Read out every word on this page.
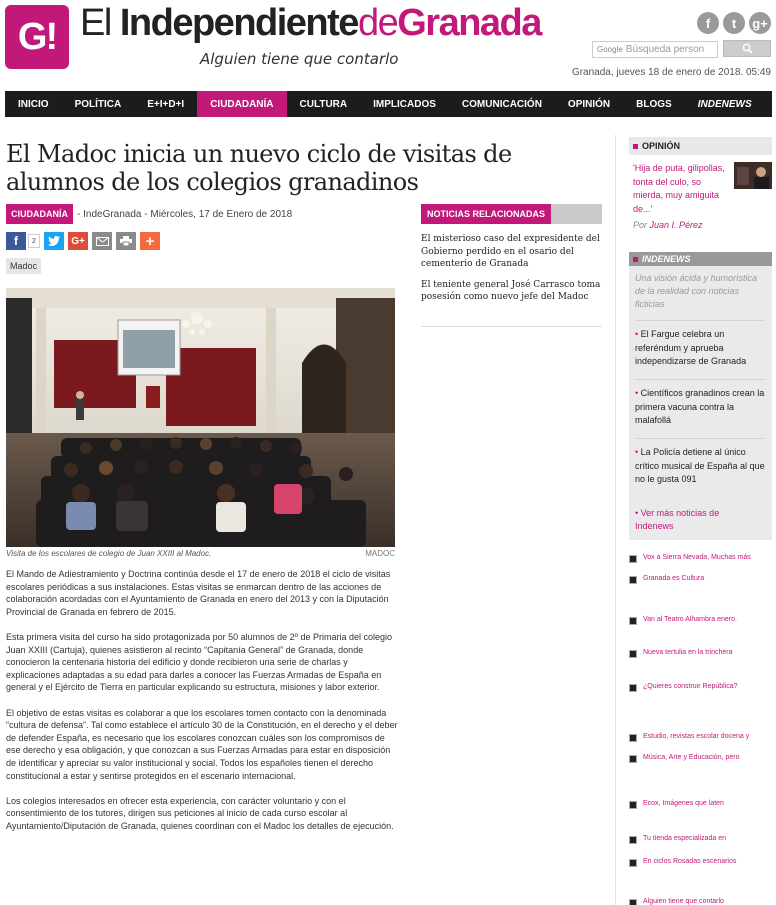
G! El IndependientedeGranada
Alguien tiene que contarlo
f	t	g+
Google Búsqueda person
Granada, jueves 18 de enero de 2018. 05:49
INICIO	POLÍTICA	E+I+D+I	CIUDADANÍA	CULTURA	IMPLICADOS	COMUNICACIÓN	OPINIÓN	BLOGS	INDENEWS
El Madoc inicia un nuevo ciclo de visitas de alumnos de los colegios granadinos
CIUDADANÍA - IndeGranada - Miércoles, 17 de Enero de 2018
f	2	G+	+
Madoc
Visita de los escolares de colegio de Juan XXIII al Madoc.	MADOC

El Mando de Adiestramiento y Doctrina continúa desde el 17 de enero de 2018 el ciclo de visitas escolares periódicas a sus instalaciones. Estas visitas se enmarcan dentro de las acciones de colaboración acordadas con el Ayuntamiento de Granada en enero del 2013 y con la Diputación Provincial de Granada en febrero de 2015.

Esta primera visita del curso ha sido protagonizada por 50 alumnos de 2º de Primaria del colegio Juan XXIII (Cartuja), quienes asistieron al recinto “Capitanía General” de Granada, donde conocieron la centenaria historia del edificio y donde recibieron una serie de charlas y explicaciones adaptadas a su edad para darles a conocer las Fuerzas Armadas de España en general y el Ejército de Tierra en particular explicando su estructura, misiones y labor exterior.

El objetivo de estas visitas es colaborar a que los escolares tomen contacto con la denominada “cultura de defensa”. Tal como establece el artículo 30 de la Constitución, en el derecho y el deber de defender España, es necesario que los escolares conozcan cuáles son los compromisos de ese derecho y esa obligación, y que conozcan a sus Fuerzas Armadas para estar en disposición de identificar y apreciar su valor institucional y social. Todos los españoles tienen el derecho constitucional a estar y sentirse protegidos en el escenario internacional.

Los colegios interesados en ofrecer esta experiencia, con carácter voluntario y con el consentimiento de los tutores, dirigen sus peticiones al inicio de cada curso escolar al Ayuntamiento/Diputación de Granada, quienes coordinan con el Madoc los detalles de ejecución.

NOTICIAS RELACIONADAS
El misterioso caso del expresidente del Gobierno perdido en el osario del cementerio de Granada
El teniente general José Carrasco toma posesión como nuevo jefe del Madoc
OPINIÓN
'Hija de puta, gilipollas, tonta del culo, so mierda, muy amiguita de...'
Por Juan I. Pérez
INDENEWS
Una visión ácida y humorística de la realidad con noticias ficticias
• El Fargue celebra un referéndum y aprueba independizarse de Granada
• Científicos granadinos crean la primera vacuna contra la malafollá
• La Policía detiene al único crítico musical de España al que no le gusta 091
• Ver más noticias de Indenews
Vox a Sierra Nevada, Muchas más
Granada es Cultura
Van al Teatro Alhambra enero.
Nueva tertulia en la trinchera
¿Quieres construir República?
Estudio, revistas escolar docena y
Música, Arte y Educación, pero
Ecox, Imágenes que laten
Tu tienda especializada en
En ciclos Rosadas escenarios
Alguien tiene que contarlo
